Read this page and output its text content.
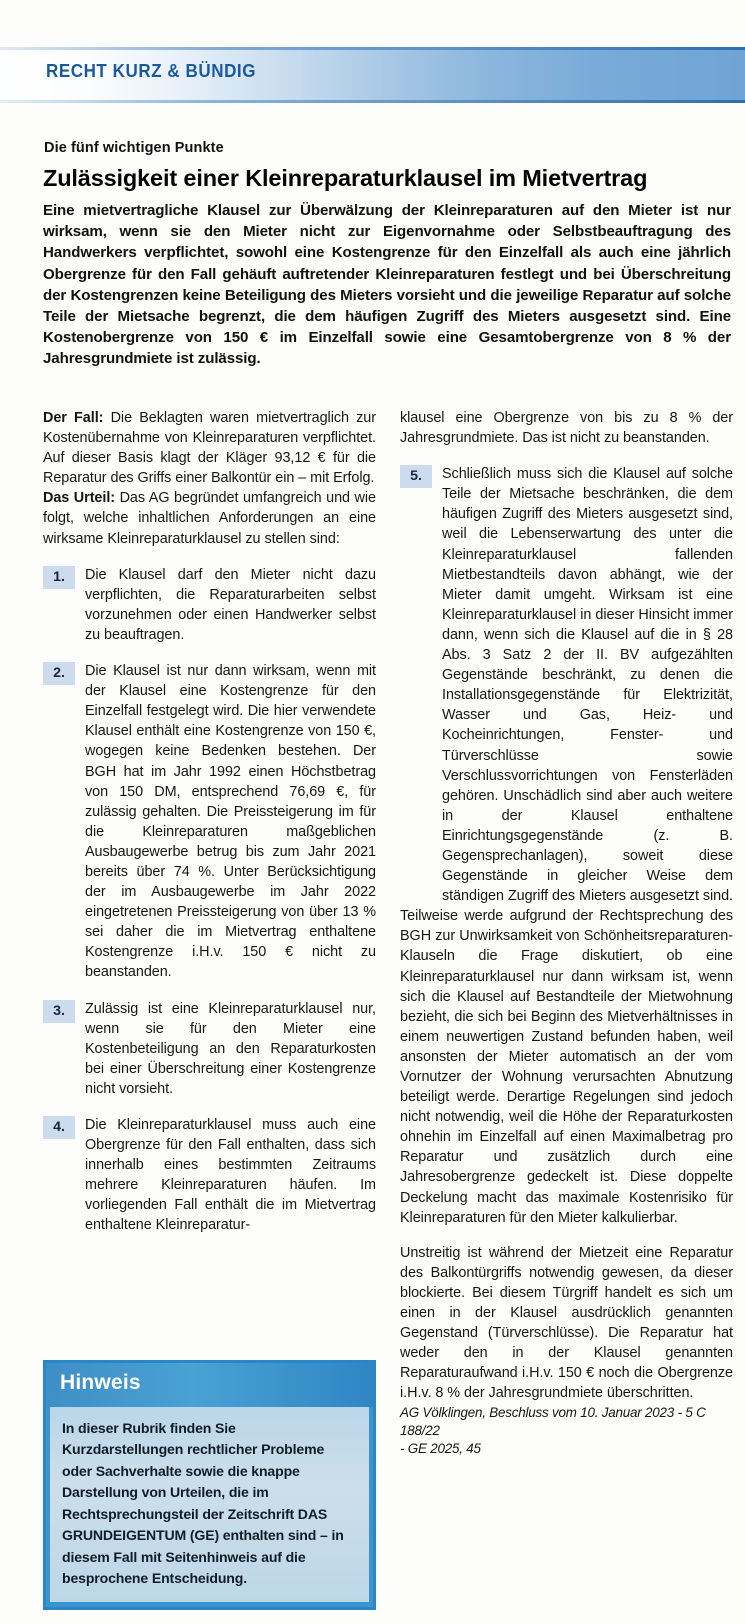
RECHT KURZ & BÜNDIG
Die fünf wichtigen Punkte
Zulässigkeit einer Kleinreparaturklausel im Mietvertrag
Eine mietvertragliche Klausel zur Überwälzung der Kleinreparaturen auf den Mieter ist nur wirksam, wenn sie den Mieter nicht zur Eigenvornahme oder Selbstbeauftragung des Handwerkers verpflichtet, sowohl eine Kostengrenze für den Einzelfall als auch eine jährlich Obergrenze für den Fall gehäuft auftretender Kleinreparaturen festlegt und bei Überschreitung der Kostengrenzen keine Beteiligung des Mieters vorsieht und die jeweilige Reparatur auf solche Teile der Mietsache begrenzt, die dem häufigen Zugriff des Mieters ausgesetzt sind. Eine Kostenobergrenze von 150 € im Einzelfall sowie eine Gesamtobergrenze von 8 % der Jahresgrundmiete ist zulässig.

Der Fall: Die Beklagten waren mietvertraglich zur Kostenübernahme von Kleinreparaturen verpflichtet. Auf dieser Basis klagt der Kläger 93,12 € für die Reparatur des Griffs einer Balkontür ein – mit Erfolg.

Das Urteil: Das AG begründet umfangreich und wie folgt, welche inhaltlichen Anforderungen an eine wirksame Kleinreparaturklausel zu stellen sind:

1.	Die Klausel darf den Mieter nicht dazu verpflichten, die Reparaturarbeiten selbst vorzunehmen oder einen Handwerker selbst zu beauftragen.

2.	Die Klausel ist nur dann wirksam, wenn mit der Klausel eine Kostengrenze für den Einzelfall festgelegt wird. Die hier verwendete Klausel enthält eine Kostengrenze von 150 €, wogegen keine Bedenken bestehen. Der BGH hat im Jahr 1992 einen Höchstbetrag von 150 DM, entsprechend 76,69 €, für zulässig gehalten. Die Preissteigerung im für die Kleinreparaturen maßgeblichen Ausbaugewerbe betrug bis zum Jahr 2021 bereits über 74 %. Unter Berücksichtigung der im Ausbaugewerbe im Jahr 2022 eingetretenen Preissteigerung von über 13 % sei daher die im Mietvertrag enthaltene Kostengrenze i.H.v. 150 € nicht zu beanstanden.

3.	Zulässig ist eine Kleinreparaturklausel nur, wenn sie für den Mieter eine Kostenbeteiligung an den Reparaturkosten bei einer Überschreitung einer Kostengrenze nicht vorsieht.

4.	Die Kleinreparaturklausel muss auch eine Obergrenze für den Fall enthalten, dass sich innerhalb eines bestimmten Zeitraums mehrere Kleinreparaturen häufen. Im vorliegenden Fall enthält die im Mietvertrag enthaltene Kleinreparatur-

klausel eine Obergrenze von bis zu 8 % der Jahresgrundmiete. Das ist nicht zu beanstanden.

5.	Schließlich muss sich die Klausel auf solche Teile der Mietsache beschränken, die dem häufigen Zugriff des Mieters ausgesetzt sind, weil die Lebenserwartung des unter die Kleinreparaturklausel fallenden Mietbestandteils davon abhängt, wie der Mieter damit umgeht. Wirksam ist eine Kleinreparaturklausel in dieser Hinsicht immer dann, wenn sich die Klausel auf die in § 28 Abs. 3 Satz 2 der II. BV aufgezählten Gegenstände beschränkt, zu denen die Installationsgegenstände für Elektrizität, Wasser und Gas, Heiz- und Kocheinrichtungen, Fenster- und Türverschlüsse sowie Verschlussvorrichtungen von Fensterläden gehören. Unschädlich sind aber auch weitere in der Klausel enthaltene Einrichtungsgegenstände (z. B. Gegensprechanlagen), soweit diese Gegenstände in gleicher Weise dem ständigen Zugriff des Mieters ausgesetzt sind.

Teilweise werde aufgrund der Rechtsprechung des BGH zur Unwirksamkeit von Schönheitsreparaturen-Klauseln die Frage diskutiert, ob eine Kleinreparaturklausel nur dann wirksam ist, wenn sich die Klausel auf Bestandteile der Mietwohnung bezieht, die sich bei Beginn des Mietverhältnisses in einem neuwertigen Zustand befunden haben, weil ansonsten der Mieter automatisch an der vom Vornutzer der Wohnung verursachten Abnutzung beteiligt werde. Derartige Regelungen sind jedoch nicht notwendig, weil die Höhe der Reparaturkosten ohnehin im Einzelfall auf einen Maximalbetrag pro Reparatur und zusätzlich durch eine Jahresobergrenze gedeckelt ist. Diese doppelte Deckelung macht das maximale Kostenrisiko für Kleinreparaturen für den Mieter kalkulierbar.

Unstreitig ist während der Mietzeit eine Reparatur des Balkontürgriffs notwendig gewesen, da dieser blockierte. Bei diesem Türgriff handelt es sich um einen in der Klausel ausdrücklich genannten Gegenstand (Türverschlüsse). Die Reparatur hat weder den in der Klausel genannten Reparaturaufwand i.H.v. 150 € noch die Obergrenze i.H.v. 8 % der Jahresgrundmiete überschritten.

AG Völklingen, Beschluss vom 10. Januar 2023 - 5 C 188/22

- GE 2025, 45

Hinweis
In dieser Rubrik finden Sie Kurzdarstellungen rechtlicher Probleme oder Sachverhalte sowie die knappe Darstellung von Urteilen, die im Rechtsprechungsteil der Zeitschrift DAS GRUNDEIGENTUM (GE) enthalten sind – in diesem Fall mit Seitenhinweis auf die besprochene Entscheidung.
